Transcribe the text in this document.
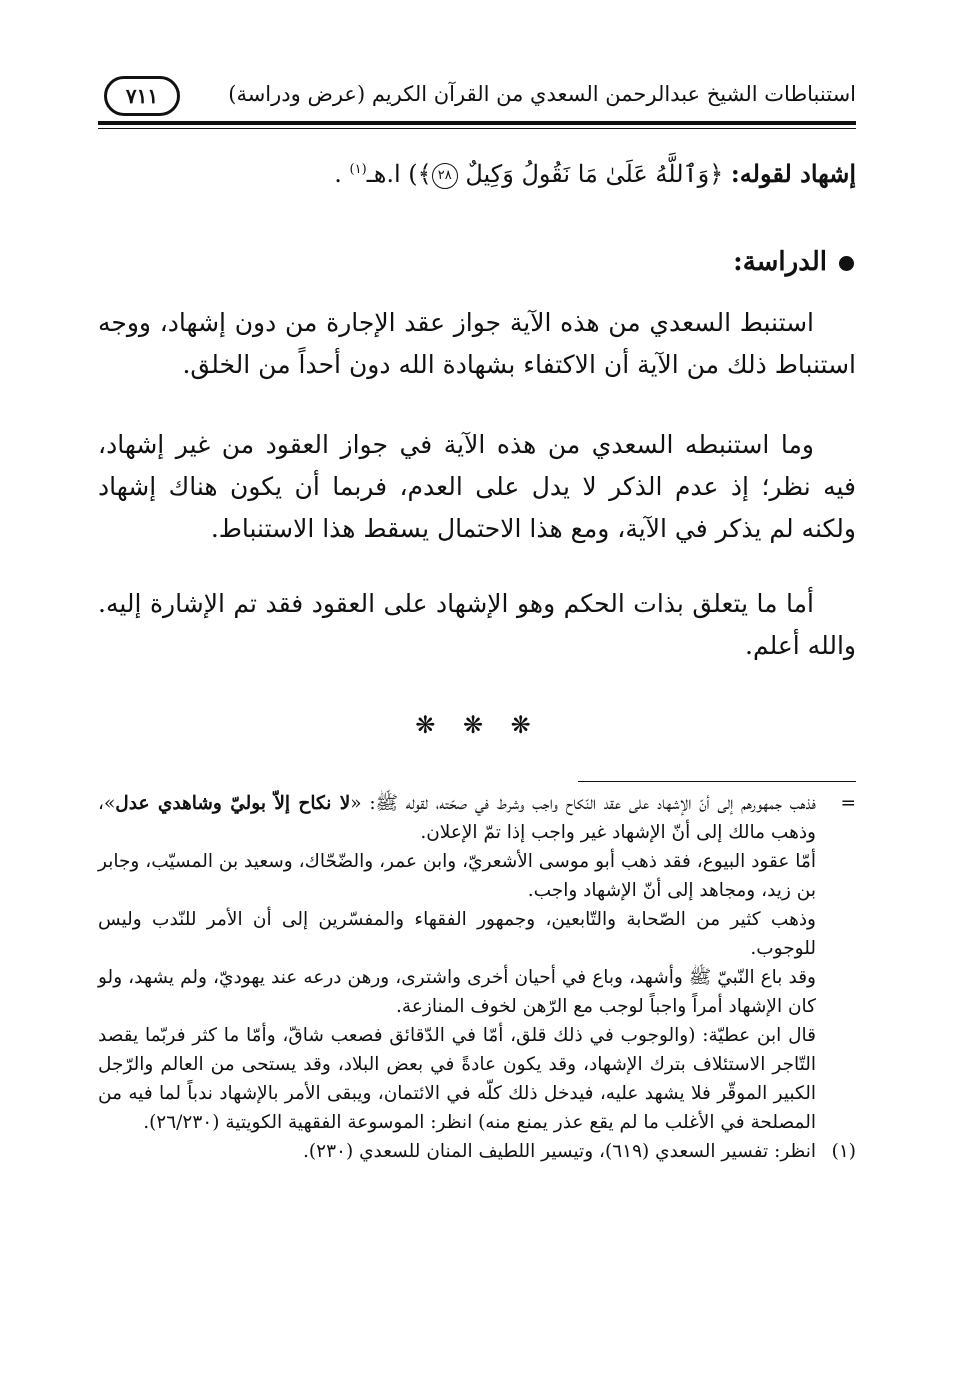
استنباطات الشيخ عبدالرحمن السعدي من القرآن الكريم (عرض ودراسة)
٧١١
إشهاد لقوله: ﴿وَٱللَّهُ عَلَىٰ مَا نَقُولُ وَكِيلٌ ٢٨﴾) ا.هـ$^{(١)}$ .
الدراسة:

استنبط السعدي من هذه الآية جواز عقد الإجارة من دون إشهاد، ووجه استنباط ذلك من الآية أن الاكتفاء بشهادة الله دون أحداً من الخلق.

وما استنبطه السعدي من هذه الآية في جواز العقود من غير إشهاد، فيه نظر؛ إذ عدم الذكر لا يدل على العدم، فربما أن يكون هناك إشهاد ولكنه لم يذكر في الآية، ومع هذا الاحتمال يسقط هذا الاستنباط.

أما ما يتعلق بذات الحكم وهو الإشهاد على العقود فقد تم الإشارة إليه. والله أعلم.

❋ ❋ ❋

=
فذهب جمهورهم إلى أنّ الإشهاد على عقد النّكاح واجب وشرط في صحّته، لقوله ﷺ: «لا نكاح إلاّ بوليّ وشاهدي عدل»، وذهب مالك إلى أنّ الإشهاد غير واجب إذا تمّ الإعلان.

أمّا عقود البيوع، فقد ذهب أبو موسى الأشعريّ، وابن عمر، والضّحّاك، وسعيد بن المسيّب، وجابر بن زيد، ومجاهد إلى أنّ الإشهاد واجب.

وذهب كثير من الصّحابة والتّابعين، وجمهور الفقهاء والمفسّرين إلى أن الأمر للنّدب وليس للوجوب.

وقد باع النّبيّ ﷺ وأشهد، وباع في أحيان أخرى واشترى، ورهن درعه عند يهوديّ، ولم يشهد، ولو كان الإشهاد أمراً واجباً لوجب مع الرّهن لخوف المنازعة.

قال ابن عطيّة: (والوجوب في ذلك قلق، أمّا في الدّقائق فصعب شاقّ، وأمّا ما كثر فربّما يقصد التّاجر الاستئلاف بترك الإشهاد، وقد يكون عادةً في بعض البلاد، وقد يستحى من العالم والرّجل الكبير الموقّر فلا يشهد عليه، فيدخل ذلك كلّه في الائتمان، ويبقى الأمر بالإشهاد ندباً لما فيه من المصلحة في الأغلب ما لم يقع عذر يمنع منه) انظر: الموسوعة الفقهية الكويتية (٢٦/٢٣٠).

(١)
انظر: تفسير السعدي (٦١٩)، وتيسير اللطيف المنان للسعدي (٢٣٠).
